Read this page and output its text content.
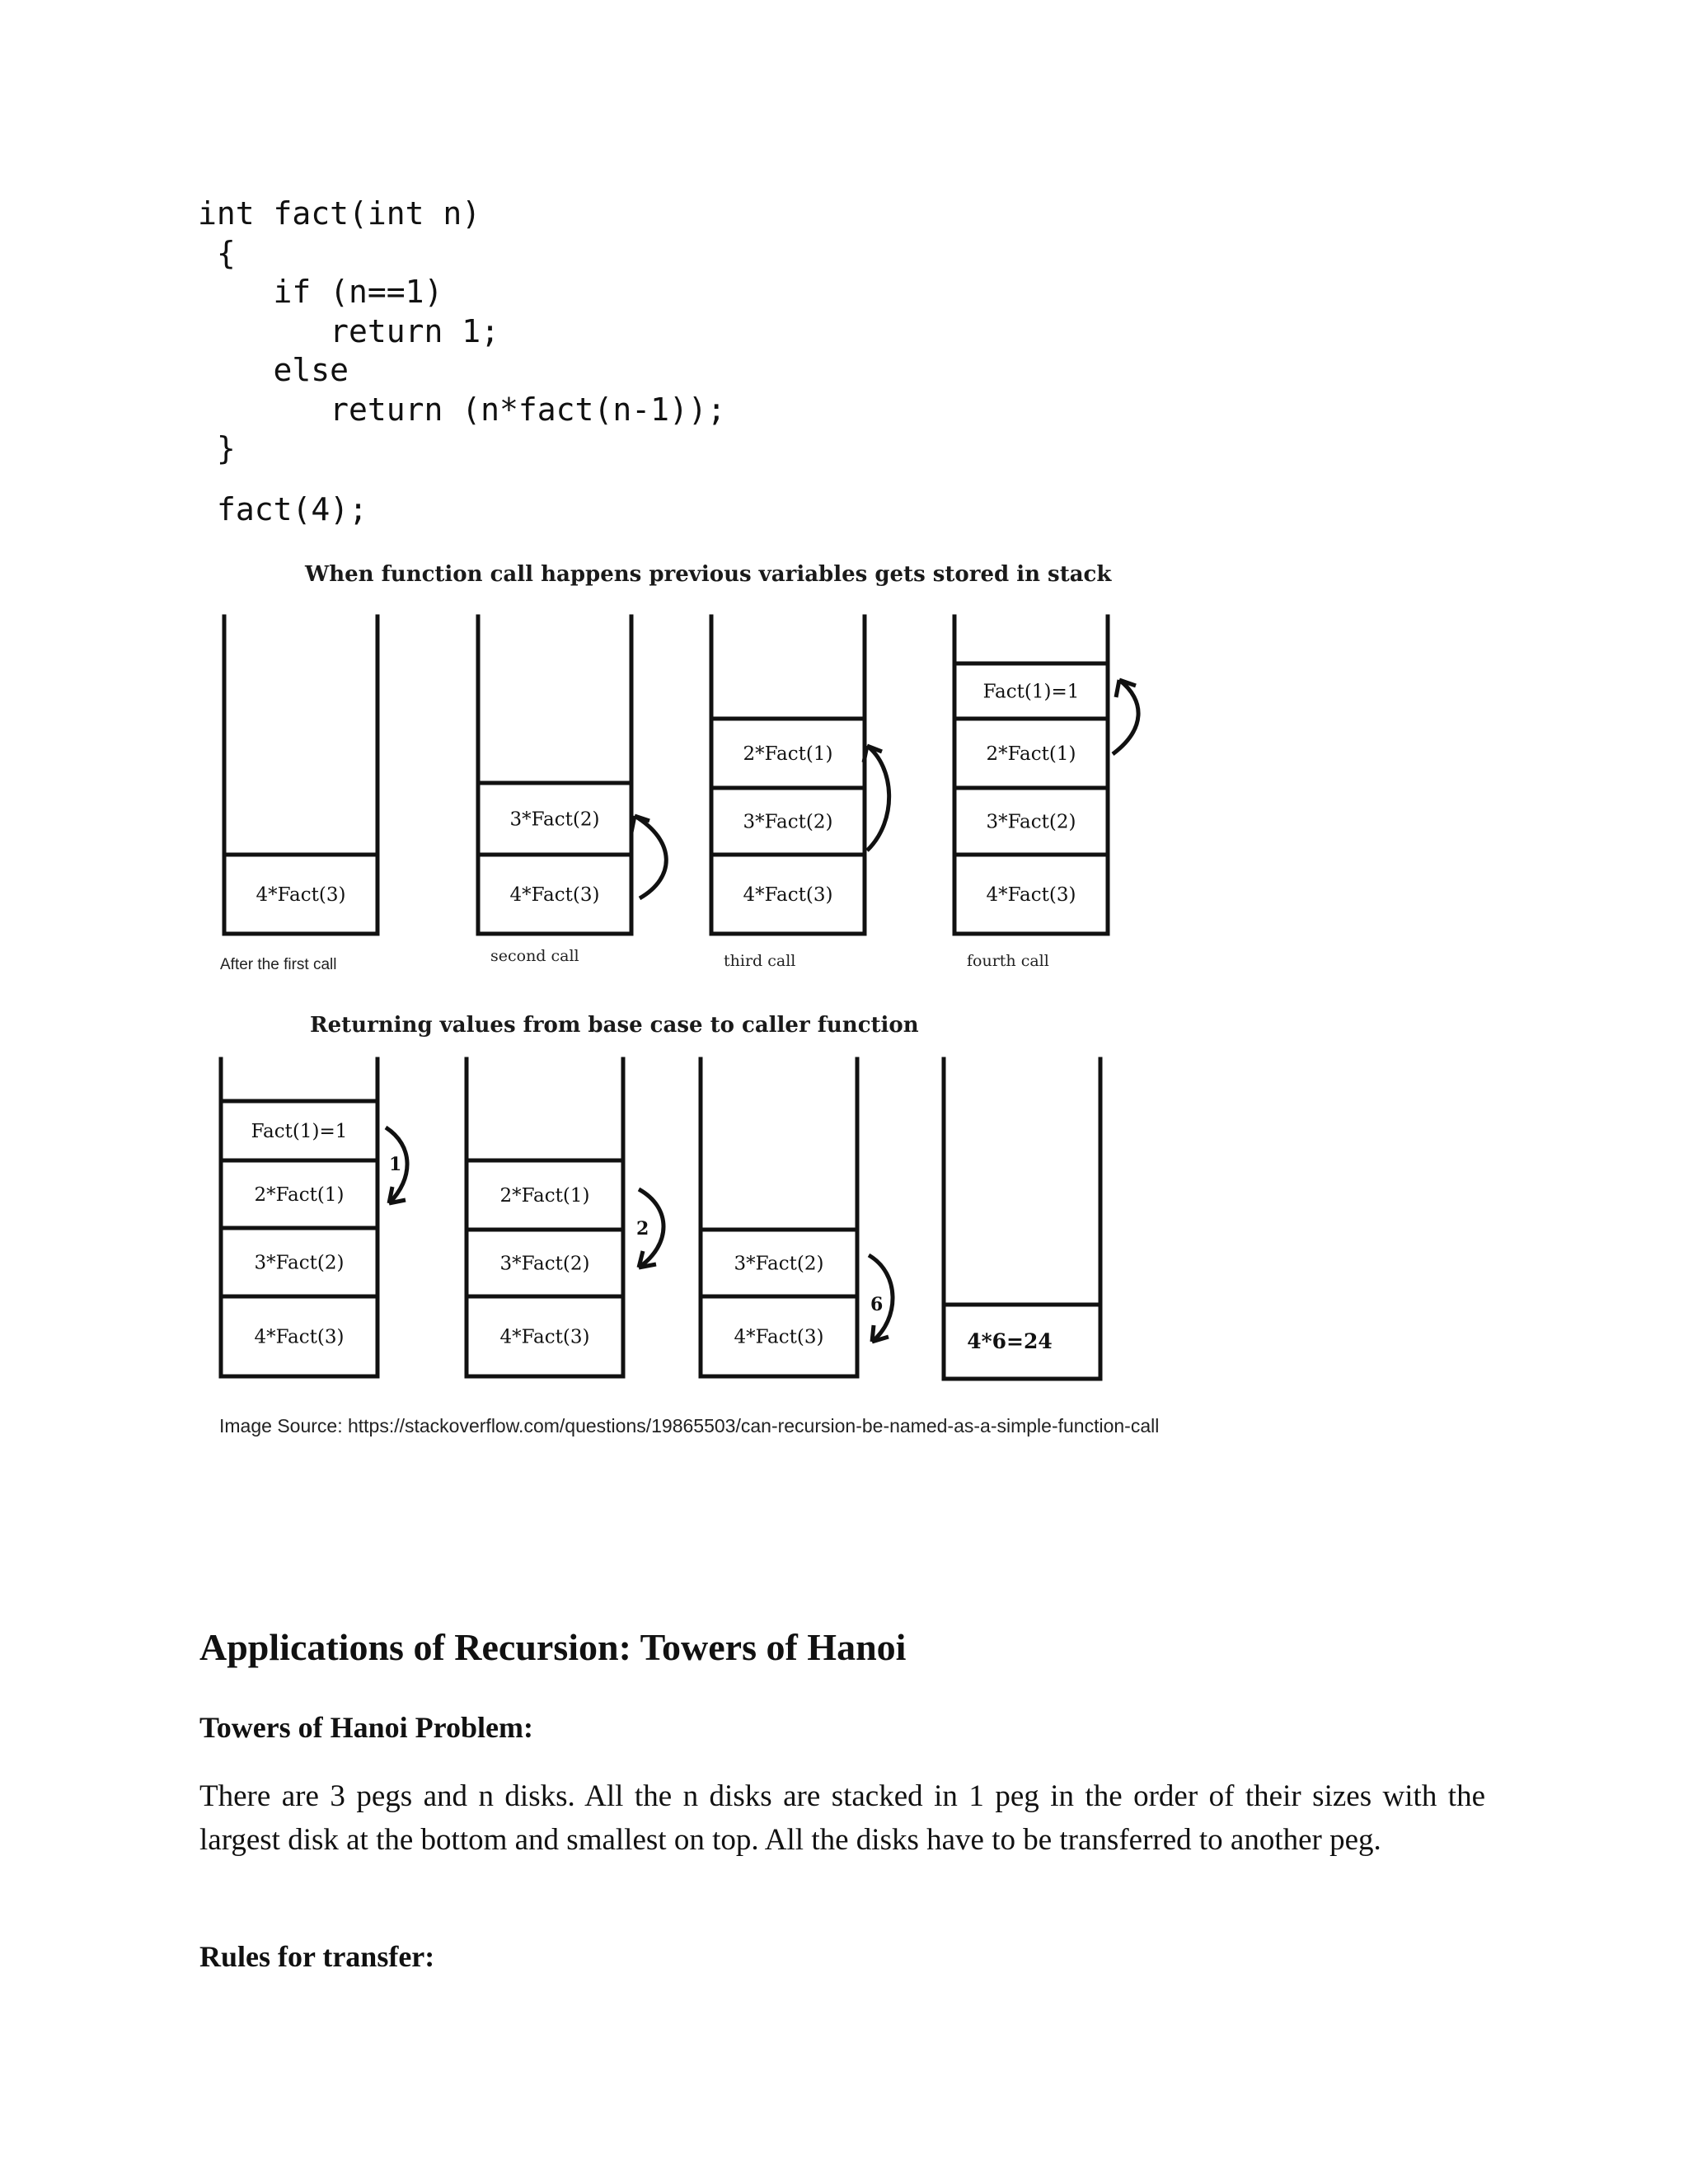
int fact(int n)
{
if (n==1)
return 1;
else
return (n*fact(n-1));
}
fact(4);
When function call happens previous variables gets stored in stack
Returning values from base case to caller function
4*Fact(3)
After the first call
4*Fact(3)
3*Fact(2)
second call
4*Fact(3)
3*Fact(2)
2*Fact(1)
third call
4*Fact(3)
3*Fact(2)
2*Fact(1)
Fact(1)=1
fourth call
4*Fact(3)
3*Fact(2)
2*Fact(1)
Fact(1)=1
4*Fact(3)
3*Fact(2)
2*Fact(1)
4*Fact(3)
3*Fact(2)
4*6=24
1
2
6

Image Source: https://stackoverflow.com/questions/19865503/can-recursion-be-named-as-a-simple-function-call

Applications of Recursion: Towers of Hanoi
Towers of Hanoi Problem:

There are 3 pegs and n disks. All the n disks are stacked in 1 peg in the order of their sizes with the largest disk at the bottom and smallest on top. All the disks have to be transferred to another peg.

Rules for transfer:
